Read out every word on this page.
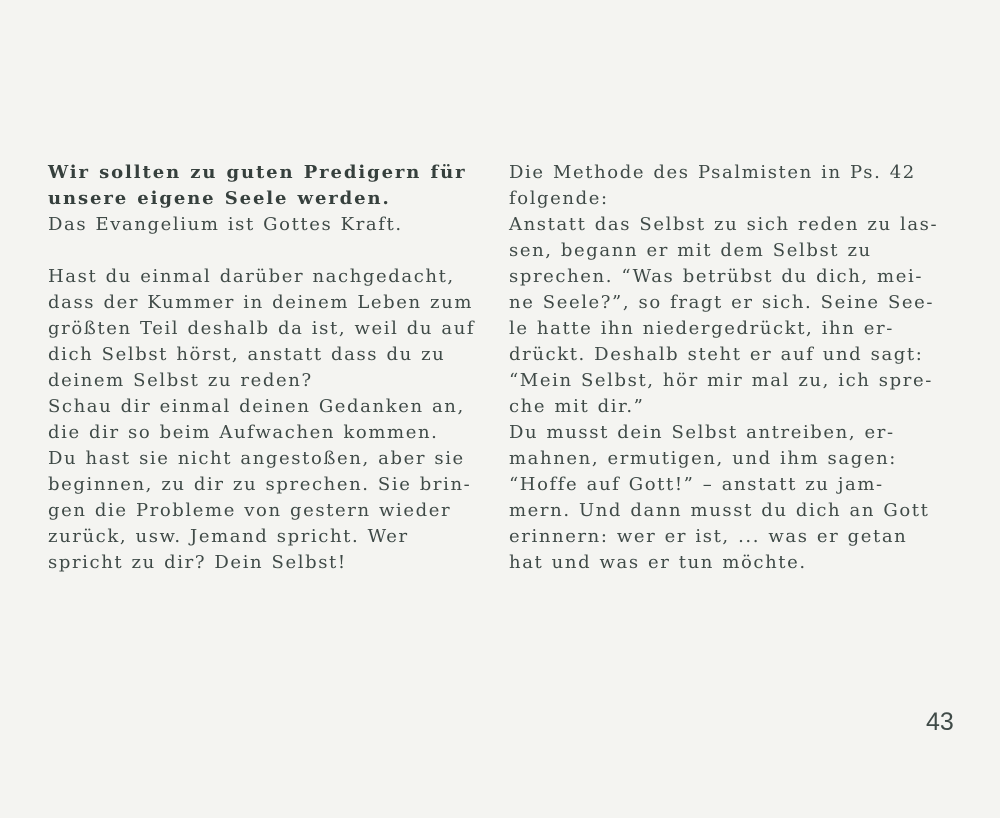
Wir sollten zu guten Predigern für
unsere eigene Seele werden.
Das Evangelium ist Gottes Kraft.
Hast du einmal darüber nachgedacht,
dass der Kummer in deinem Leben zum
größten Teil deshalb da ist, weil du auf
dich Selbst hörst, anstatt dass du zu
deinem Selbst zu reden?
Schau dir einmal deinen Gedanken an,
die dir so beim Aufwachen kommen.
Du hast sie nicht angestoßen, aber sie
beginnen, zu dir zu sprechen. Sie brin-
gen die Probleme von gestern wieder
zurück, usw. Jemand spricht. Wer
spricht zu dir? Dein Selbst!
Die Methode des Psalmisten in Ps. 42
folgende:
Anstatt das Selbst zu sich reden zu las-
sen, begann er mit dem Selbst zu
sprechen. “Was betrübst du dich, mei-
ne Seele?”, so fragt er sich. Seine See-
le hatte ihn niedergedrückt, ihn er-
drückt. Deshalb steht er auf und sagt:
“Mein Selbst, hör mir mal zu, ich spre-
che mit dir.”
Du musst dein Selbst antreiben, er-
mahnen, ermutigen, und ihm sagen:
“Hoffe auf Gott!” – anstatt zu jam-
mern. Und dann musst du dich an Gott
erinnern: wer er ist, ... was er getan
hat und was er tun möchte.
43
